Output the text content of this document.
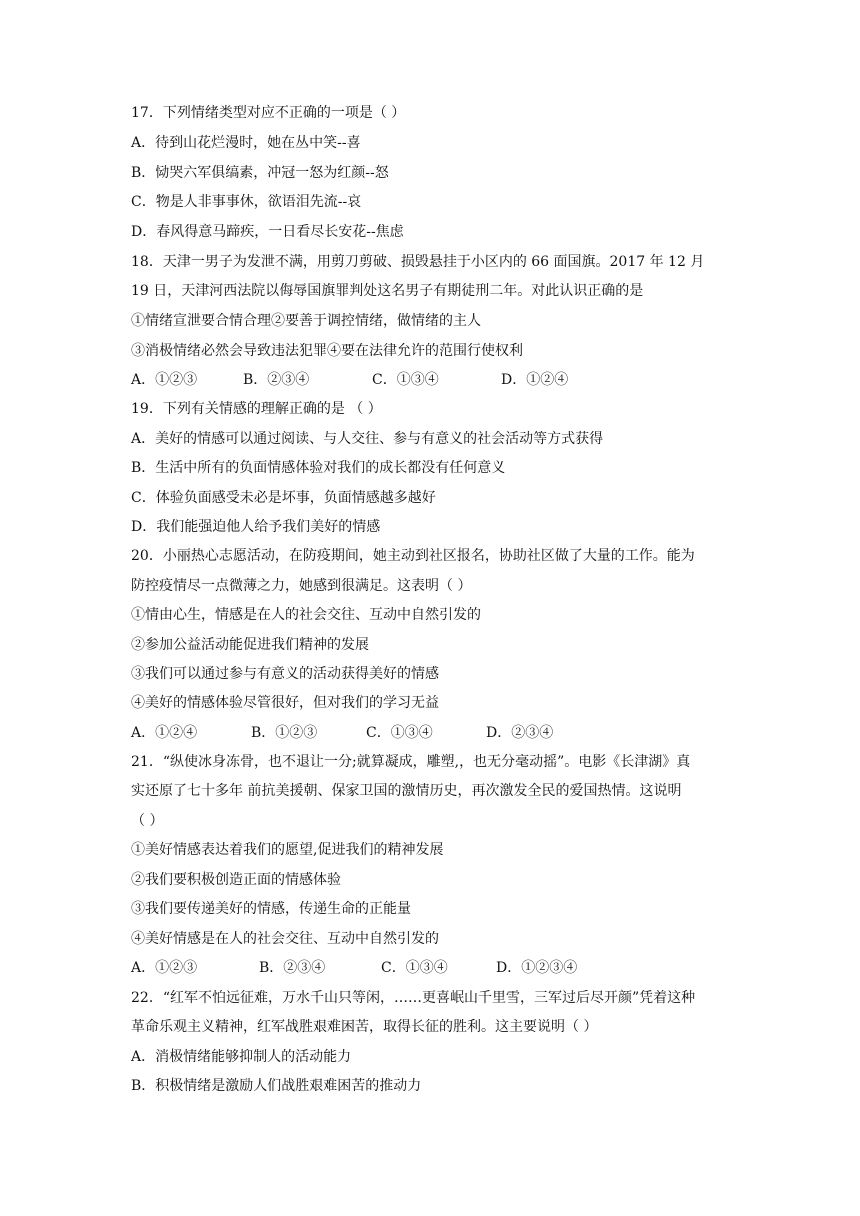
17．下列情绪类型对应不正确的一项是（ ）
A．待到山花烂漫时，她在丛中笑--喜
B．恸哭六军俱缟素，冲冠一怒为红颜--怒
C．物是人非事事休，欲语泪先流--哀
D．春风得意马蹄疾，一日看尽长安花--焦虑
18．天津一男子为发泄不满，用剪刀剪破、损毁悬挂于小区内的 66 面国旗。2017 年 12 月
19 日，天津河西法院以侮辱国旗罪判处这名男子有期徒刑二年。对此认识正确的是
①情绪宣泄要合情合理②要善于调控情绪，做情绪的主人
③消极情绪必然会导致违法犯罪④要在法律允许的范围行使权利
A．①②③	B．②③④	C．①③④	D．①②④
19．下列有关情感的理解正确的是 （ ）
A．美好的情感可以通过阅读、与人交往、参与有意义的社会活动等方式获得
B．生活中所有的负面情感体验对我们的成长都没有任何意义
C．体验负面感受未必是坏事，负面情感越多越好
D．我们能强迫他人给予我们美好的情感
20．小丽热心志愿活动，在防疫期间，她主动到社区报名，协助社区做了大量的工作。能为
防控疫情尽一点微薄之力，她感到很满足。这表明（ ）
①情由心生，情感是在人的社会交往、互动中自然引发的
②参加公益活动能促进我们精神的发展
③我们可以通过参与有意义的活动获得美好的情感
④美好的情感体验尽管很好，但对我们的学习无益
A．①②④	B．①②③	C．①③④	D．②③④
21．“纵使冰身冻骨，也不退让一分;就算凝成，雕塑,，也无分毫动摇”。电影《长津湖》真
实还原了七十多年 前抗美援朝、保家卫国的激情历史，再次激发全民的爱国热情。这说明
（ ）
①美好情感表达着我们的愿望,促进我们的精神发展
②我们要积极创造正面的情感体验
③我们要传递美好的情感，传递生命的正能量
④美好情感是在人的社会交往、互动中自然引发的
A．①②③	B．②③④	C．①③④	D．①②③④
22．“红军不怕远征难，万水千山只等闲，……更喜岷山千里雪，三军过后尽开颜”凭着这种
革命乐观主义精神，红军战胜艰难困苦，取得长征的胜利。这主要说明（ ）
A．消极情绪能够抑制人的活动能力
B．积极情绪是激励人们战胜艰难困苦的推动力
